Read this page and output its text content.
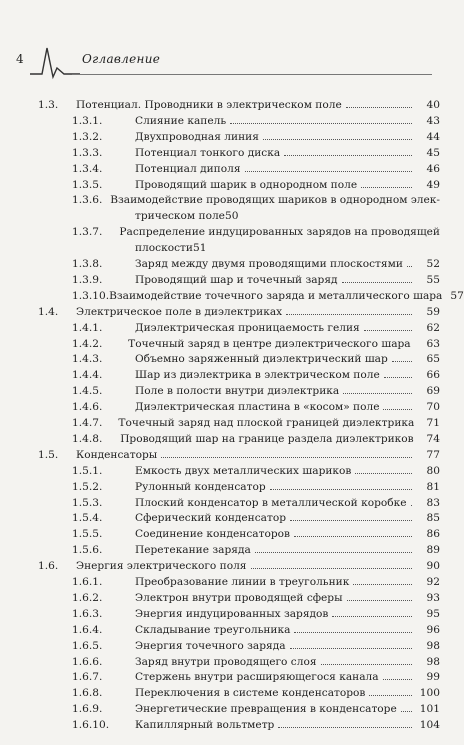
4	Оглавление
1.3.	Потенциал. Проводники в электрическом поле	40
1.3.1.	Слияние капель	43
1.3.2.	Двухпроводная линия	44
1.3.3.	Потенциал тонкого диска	45
1.3.4.	Потенциал диполя	46
1.3.5.	Проводящий шарик в однородном поле	49
1.3.6. Взаимодействие проводящих шариков в однородном элек-
трическом поле 50
1.3.7.	Распределение индуцированных зарядов на проводящей
плоскости 51
1.3.8.	Заряд между двумя проводящими плоскостями	52
1.3.9.	Проводящий шар и точечный заряд	55
1.3.10. Взаимодействие точечного заряда и металлического шара 57
1.4.	Электрическое поле в диэлектриках	59
1.4.1.	Диэлектрическая проницаемость гелия	62
1.4.2.	Точечный заряд в центре диэлектрического шара	63
1.4.3.	Объемно заряженный диэлектрический шар	65
1.4.4.	Шар из диэлектрика в электрическом поле	66
1.4.5.	Поле в полости внутри диэлектрика	69
1.4.6.	Диэлектрическая пластина в «косом» поле	70
1.4.7.	Точечный заряд над плоской границей диэлектрика	71
1.4.8.	Проводящий шар на границе раздела диэлектриков	74
1.5.	Конденсаторы	77
1.5.1.	Емкость двух металлических шариков	80
1.5.2.	Рулонный конденсатор	81
1.5.3.	Плоский конденсатор в металлической коробке	83
1.5.4.	Сферический конденсатор	85
1.5.5.	Соединение конденсаторов	86
1.5.6.	Перетекание заряда	89
1.6.	Энергия электрического поля	90
1.6.1.	Преобразование линии в треугольник	92
1.6.2.	Электрон внутри проводящей сферы	93
1.6.3.	Энергия индуцированных зарядов	95
1.6.4.	Складывание треугольника	96
1.6.5.	Энергия точечного заряда	98
1.6.6.	Заряд внутри проводящего слоя	98
1.6.7.	Стержень внутри расширяющегося канала	99
1.6.8.	Переключения в системе конденсаторов	100
1.6.9.	Энергетические превращения в конденсаторе	101
1.6.10.	Капиллярный вольтметр	104
